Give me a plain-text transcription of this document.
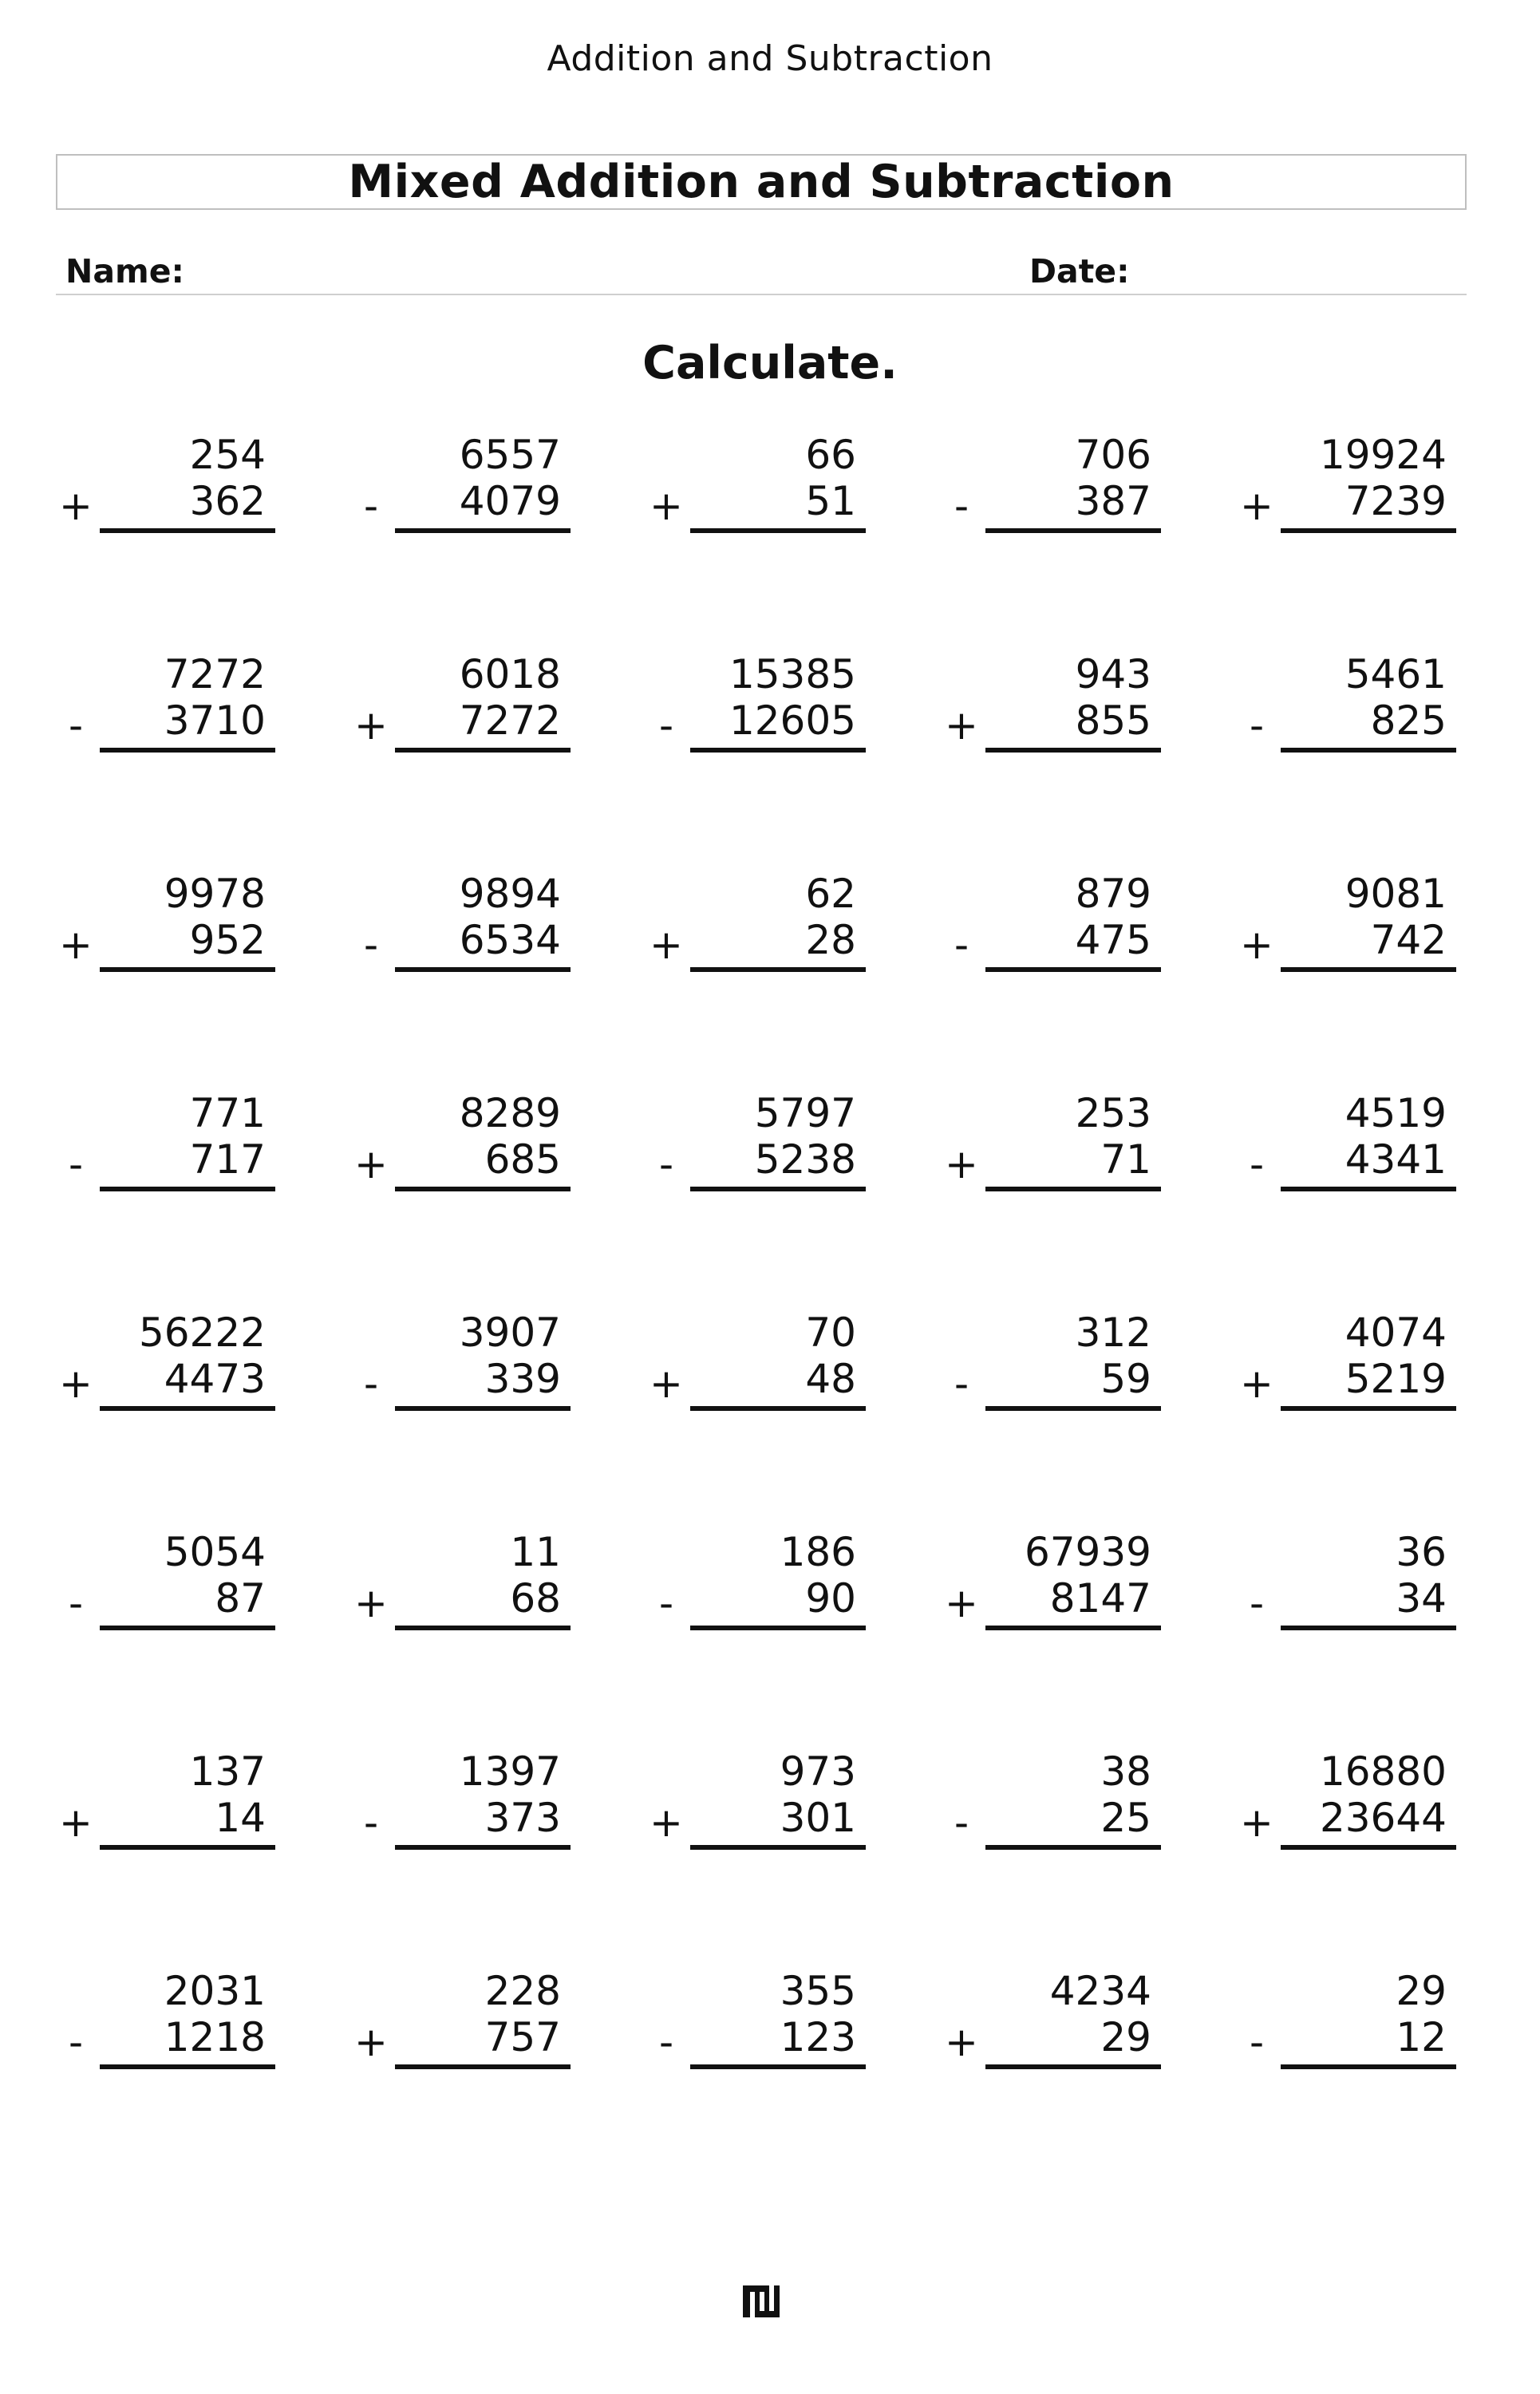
Addition and Subtraction
Mixed Addition and Subtraction
Name:	Date:
Calculate.
254
+	362
6557
-	4079
66
+	51
706
-	387
19924
+	7239
7272
-	3710
6018
+	7272
15385
-	12605
943
+	855
5461
-	825
9978
+	952
9894
-	6534
62
+	28
879
-	475
9081
+	742
771
-	717
8289
+	685
5797
-	5238
253
+	71
4519
-	4341
56222
+	4473
3907
-	339
70
+	48
312
-	59
4074
+	5219
5054
-	87
11
+	68
186
-	90
67939
+	8147
36
-	34
137
+	14
1397
-	373
973
+	301
38
-	25
16880
+	23644
2031
-	1218
228
+	757
355
-	123
4234
+	29
29
-	12
